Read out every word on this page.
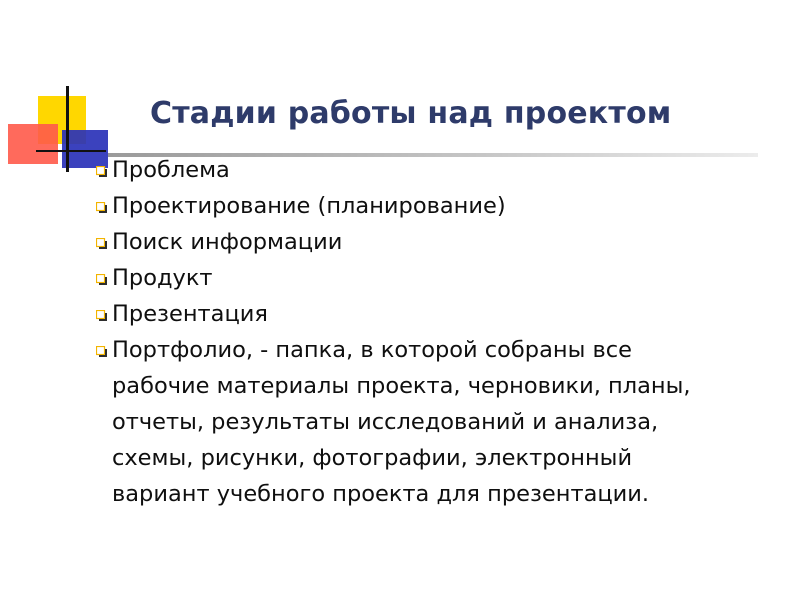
Стадии работы над проектом
Проблема
Проектирование (планирование)
Поиск информации
Продукт
Презентация
Портфолио, - папка, в которой собраны все рабочие материалы проекта, черновики, планы, отчеты, результаты исследований и анализа, схемы, рисунки, фотографии, электронный вариант учебного проекта для презентации.
